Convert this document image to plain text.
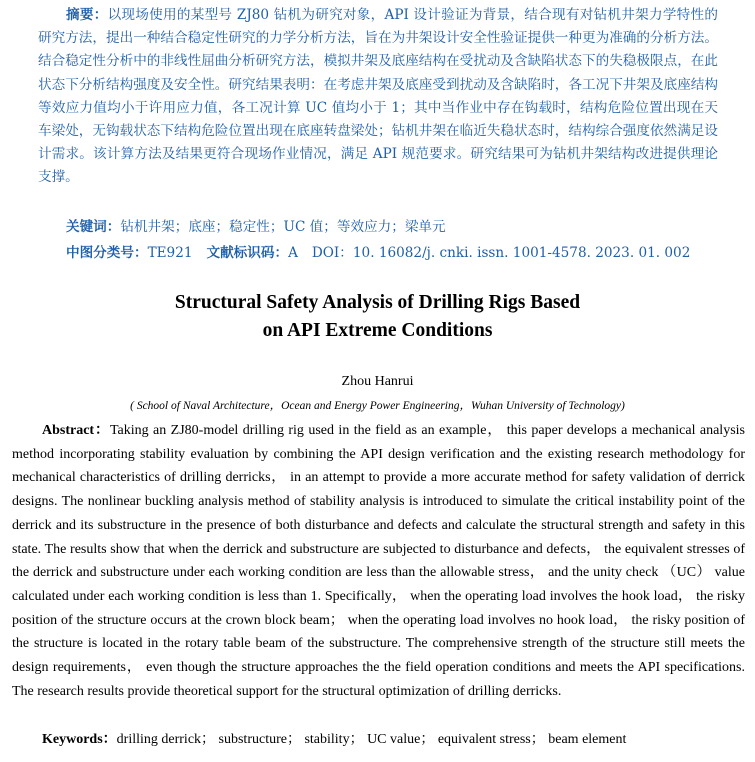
摘要：以现场使用的某型号 ZJ80 钻机为研究对象，API 设计验证为背景，结合现有对钻机井架力学特性的研究方法，提出一种结合稳定性研究的力学分析方法，旨在为井架设计安全性验证提供一种更为准确的分析方法。结合稳定性分析中的非线性屈曲分析研究方法，模拟井架及底座结构在受扰动及含缺陷状态下的失稳极限点，在此状态下分析结构强度及安全性。研究结果表明：在考虑井架及底座受到扰动及含缺陷时，各工况下井架及底座结构等效应力值均小于许用应力值，各工况计算 UC 值均小于 1；其中当作业中存在钩载时，结构危险位置出现在天车梁处，无钩载状态下结构危险位置出现在底座转盘梁处；钻机井架在临近失稳状态时，结构综合强度依然满足设计需求。该计算方法及结果更符合现场作业情况，满足 API 规范要求。研究结果可为钻机井架结构改进提供理论支撑。
关键词：钻机井架；底座；稳定性；UC 值；等效应力；梁单元
中图分类号：TE921 文献标识码：A DOI：10. 16082/j. cnki. issn. 1001-4578. 2023. 01. 002
Structural Safety Analysis of Drilling Rigs Based
on API Extreme Conditions
Zhou Hanrui
( School of Naval Architecture，Ocean and Energy Power Engineering，Wuhan University of Technology)
Abstract：Taking an ZJ80-model drilling rig used in the field as an example， this paper develops a mechanical analysis method incorporating stability evaluation by combining the API design verification and the existing research methodology for mechanical characteristics of drilling derricks， in an attempt to provide a more accurate method for safety validation of derrick designs. The nonlinear buckling analysis method of stability analysis is introduced to simulate the critical instability point of the derrick and its substructure in the presence of both disturbance and defects and calculate the structural strength and safety in this state. The results show that when the derrick and substructure are subjected to disturbance and defects， the equivalent stresses of the derrick and substructure under each working condition are less than the allowable stress， and the unity check （UC） value calculated under each working condition is less than 1. Specifically， when the operating load involves the hook load， the risky position of the structure occurs at the crown block beam； when the operating load involves no hook load， the risky position of the structure is located in the rotary table beam of the substructure. The comprehensive strength of the structure still meets the design requirements， even though the structure approaches the the field operation conditions and meets the API specifications. The research results provide theoretical support for the structural optimization of drilling derricks.
Keywords：drilling derrick； substructure； stability； UC value； equivalent stress； beam element
